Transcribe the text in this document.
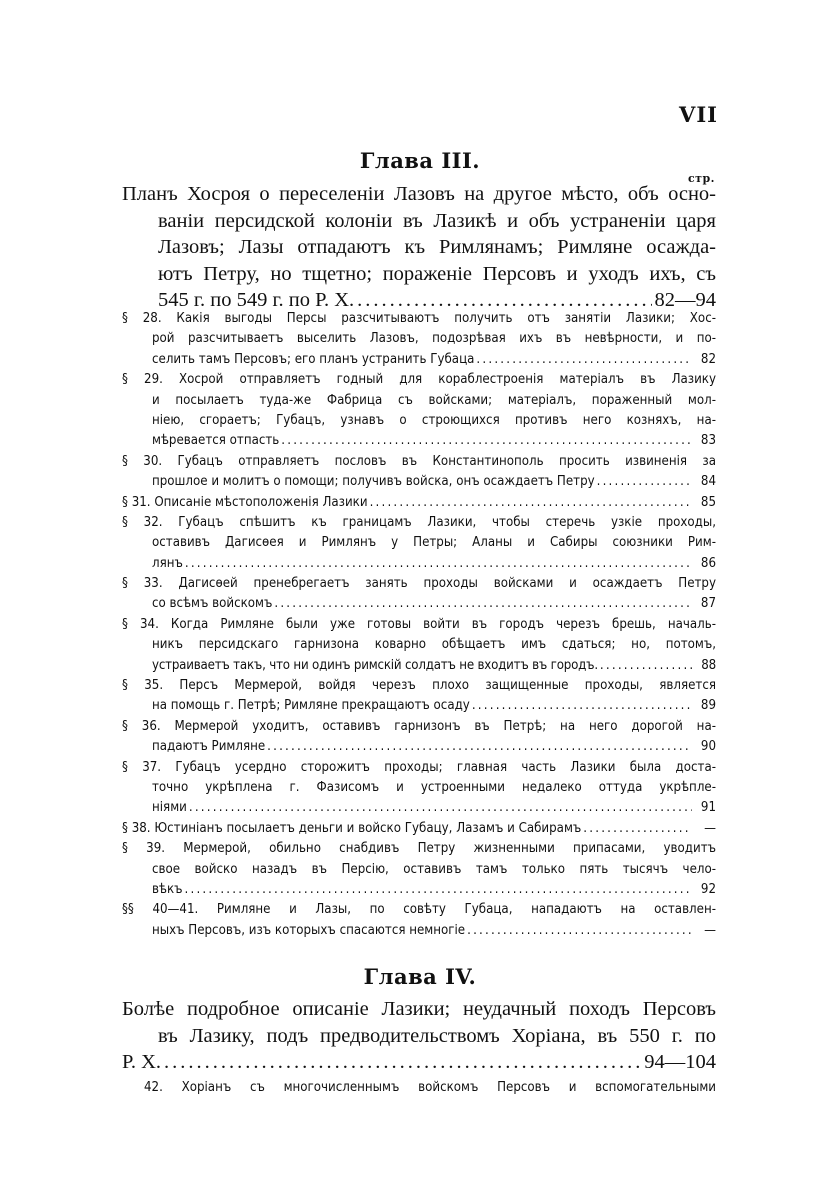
VII
Глава III.
стр.
Планъ Хосроя о переселеніи Лазовъ на другое мѣсто, объ осно-
ваніи персидской колоніи въ Лазикѣ и объ устраненіи царя
Лазовъ; Лазы отпадаютъ къ Римлянамъ; Римляне осажда-
ютъ Петру, но тщетно; пораженіе Персовъ и уходъ ихъ, съ
545 г. по 549 г. по Р. Х. .....	82—94
§ 28. Какія выгоды Персы разсчитываютъ получить отъ занятіи Лазики; Хос-
рой разсчитываетъ выселить Лазовъ, подозрѣвая ихъ въ невѣрности, и по-
селить тамъ Персовъ; его планъ устранить Губаца .....	82
§ 29. Хосрой отправляетъ годный для кораблестроенія матеріалъ въ Лазику
и посылаетъ туда-же Фабрица съ войсками; матеріалъ, пораженный мол-
ніею, сгораетъ; Губацъ, узнавъ о строющихся противъ него козняхъ, на-
мѣревается отпасть .....	83
§ 30. Губацъ отправляетъ пословъ въ Константинополь просить извиненія за
прошлое и молитъ о помощи; получивъ войска, онъ осаждаетъ Петру .....	84
§ 31. Описаніе мѣстоположенія Лазики .....	85
§ 32. Губацъ спѣшитъ къ границамъ Лазики, чтобы стеречь узкіе проходы,
оставивъ Дагисѳея и Римлянъ у Петры; Аланы и Сабиры союзники Рим-
лянъ .....	86
§ 33. Дагисѳей пренебрегаетъ занять проходы войсками и осаждаетъ Петру
со всѣмъ войскомъ .....	87
§ 34. Когда Римляне были уже готовы войти въ городъ черезъ брешь, началь-
никъ персидскаго гарнизона коварно обѣщаетъ имъ сдаться; но, потомъ,
устраиваетъ такъ, что ни одинъ римскій солдатъ не входитъ въ городъ. .....	88
§ 35. Персъ Мермерой, войдя черезъ плохо защищенные проходы, является
на помощь г. Петрѣ; Римляне прекращаютъ осаду .....	89
§ 36. Мермерой уходитъ, оставивъ гарнизонъ въ Петрѣ; на него дорогой на-
падаютъ Римляне .....	90
§ 37. Губацъ усердно сторожитъ проходы; главная часть Лазики была доста-
точно укрѣплена г. Фазисомъ и устроенными недалеко оттуда укрѣпле-
ніями .....	91
§ 38. Юстиніанъ посылаетъ деньги и войско Губацу, Лазамъ и Сабирамъ .....	—
§ 39. Мермерой, обильно снабдивъ Петру жизненными припасами, уводитъ
свое войско назадъ въ Персію, оставивъ тамъ только пять тысячъ чело-
вѣкъ .....	92
§§ 40—41. Римляне и Лазы, по совѣту Губаца, нападаютъ на оставлен-
ныхъ Персовъ, изъ которыхъ спасаются немногіе .....	—
Глава IV.
Болѣе подробное описаніе Лазики; неудачный походъ Персовъ
въ Лазику, подъ предводительствомъ Хоріана, въ 550 г. по
Р. Х. .....	94—104
42. Хоріанъ съ многочисленнымъ войскомъ Персовъ и вспомогательными
